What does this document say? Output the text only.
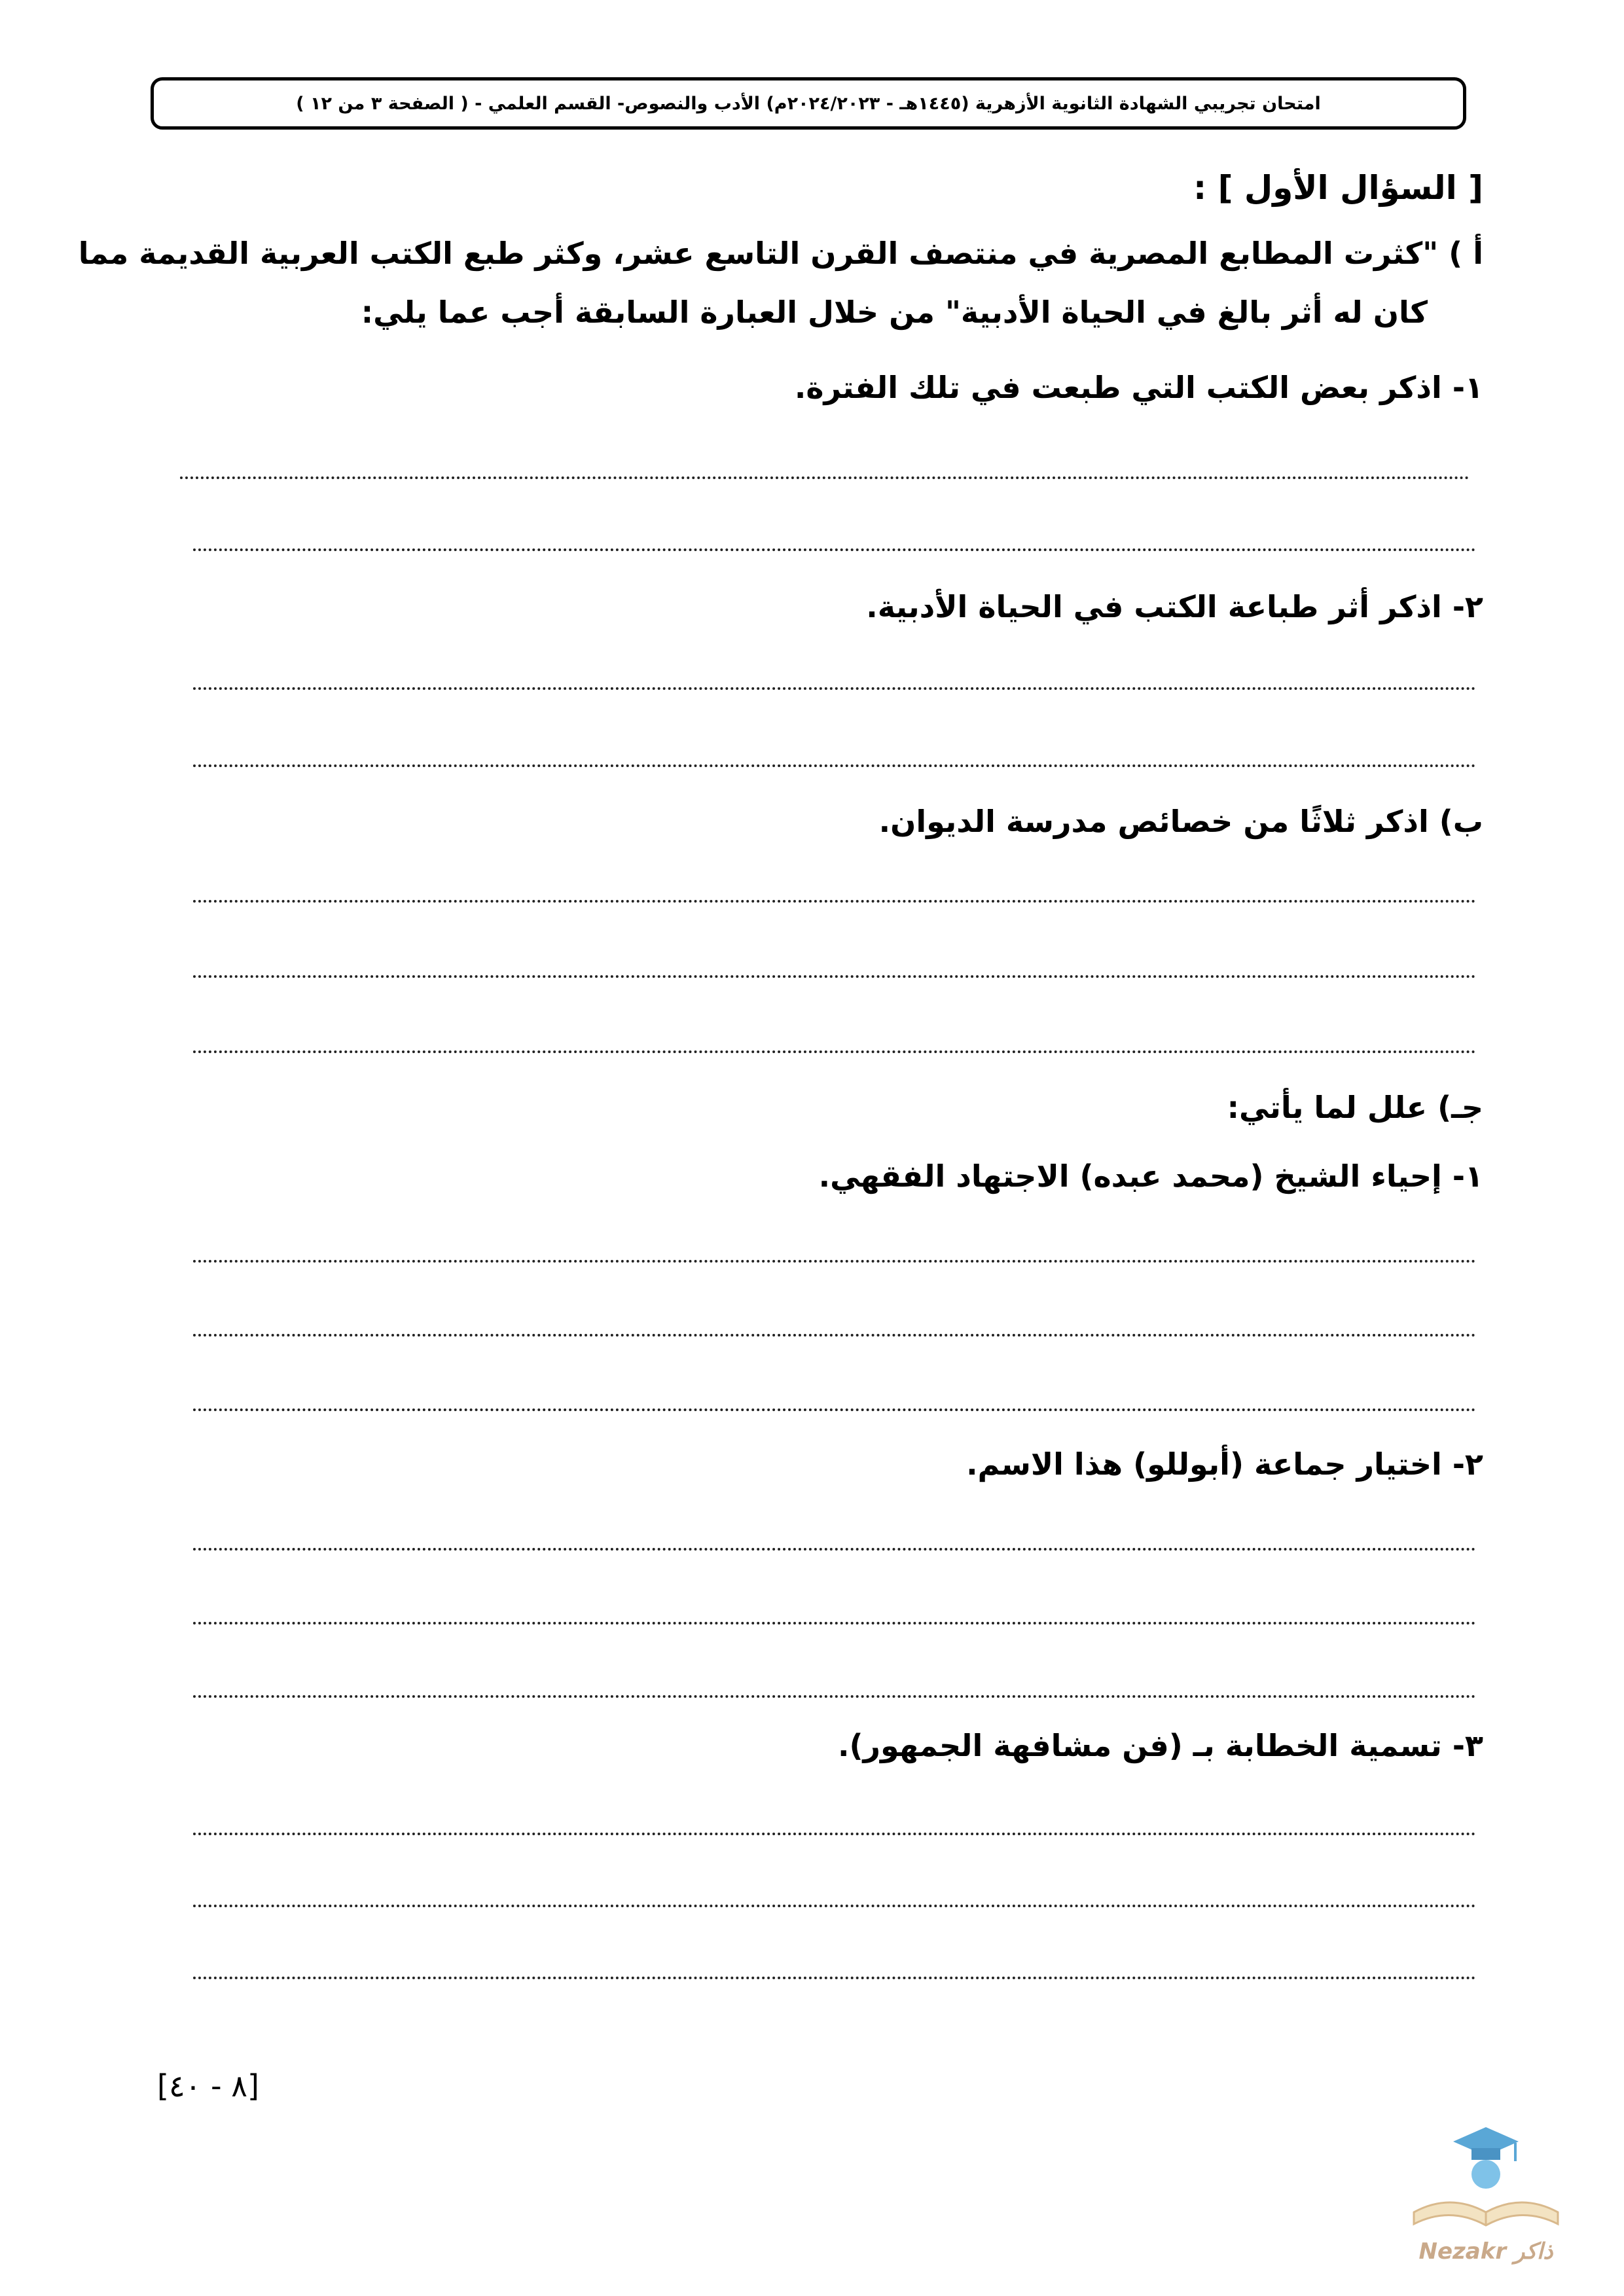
امتحان تجريبي الشهادة الثانوية الأزهرية (١٤٤٥هـ - ٢٠٢٤/٢٠٢٣م) الأدب والنصوص- القسم العلمي - ( الصفحة ٣ من ١٢ )
[ السؤال الأول ] :
أ ) "كثرت المطابع المصرية في منتصف القرن التاسع عشر، وكثر طبع الكتب العربية القديمة مما
كان له أثر بالغ في الحياة الأدبية" من خلال العبارة السابقة أجب عما يلي:
١- اذكر بعض الكتب التي طبعت في تلك الفترة.
٢- اذكر أثر طباعة الكتب في الحياة الأدبية.
ب) اذكر ثلاثًا من خصائص مدرسة الديوان.
جـ) علل لما يأتي:
١- إحياء الشيخ (محمد عبده) الاجتهاد الفقهي.
٢- اختيار جماعة (أبوللو) هذا الاسم.
٣- تسمية الخطابة بـ (فن مشافهة الجمهور).
[٨ - ٤٠]
Nezakr ذاكر
